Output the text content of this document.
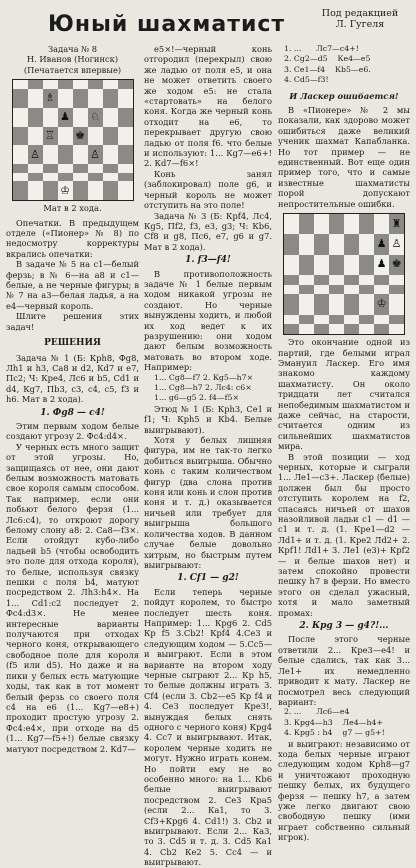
Юный шахматист	Под редакцией
Л. Гугеля
Задача № 8
Н. Иванов (Ногинск)
(Печатается впервые)
♗
♟ ♘
♖ ♚
♙	♙
♔
Мат в 2 хода.

Опечатки. В предыдущем отделе («Пионер» № 8) по недосмотру корректуры вкрались опечатки:

В задаче № 5 на c1—белый ферзь; в № 6—на a8 и c1—белые, а не черные фигуры; в № 7 на a3—белая ладья, а на e4—черный король.

Шлите решения этих задач!

РЕШЕНИЯ

Задача № 1 (Б: Крh8, Фg8, Лh1 и h3, Сa8 и d2, Кd7 и e7, Пc2; Ч: Крe4, Лc6 и b5, Сd1 и d4, Кg7, Пb3, c3, c4, c5, f3 и h6. Мат в 2 хода).

1. Фg8 — c4!

Этим первым ходом белые создают угрозу 2. Фс4:d4×.

У черных есть много защит от этой угрозы. Но, защищаясь от нее, они дают белым возможность матовать свое короля самым способом. Так например, если они побьют белого ферзя (1... Лс6:с4), то откроют дорогу белому слону а8: 2. Са8—f3×. Если отойдут кубо-либо ладьей b5 (чтобы освободить это поле для отхода короля), то белые, используя связку пешки с поля b4, матуют посредством 2. Лh3:h4×. На 1... Сd1:с2 последует 2. Фc4:d3×. Не менее интересные варианты получаются при отходах черного коня, открывающего свободное поле для короля (f5 или d5). Но даже и на пики у белых есть матующие ходы, так как в тот момент белый ферзь со своего поля с4 на е6 (1... Кg7—е8+) проходит простую угрозу 2. Фс4:е4×, при отходе на d5 (1... Кg7—f5+!) белые связку матуют посредством 2. Кd7—

е5×!—черный конь отгородил (перекрыл) свою же ладью от поля е5, и она не может ответить своего же ходом е5: не стала «стартовать» на белого коня. Когда же черный конь отходит на е6, то перекрывает другую свою ладью от поля f6. что белые и используют: 1... Кg7—е6+! 2. Кd7—f6×!

Конь занял (заблокировал) поле g6, и черный король не может отступить на это поле!

Задача № 3 (Б: Крf4, Лc4, Кg5, Пf2, f3, e3, g3; Ч: Кb6, Сf8 и g8, Пc6, e7, g6 и g7. Мат в 2 хода).

1. f3—f4!

В противоположность задаче № 1 белые первым ходом никакой угрозы не создают. Но черные вынуждены ходить, и любой их ход ведет к их разрушению: они ходом дают белым возможность матовать во втором ходе. Например:

1... Сg8—f7 2. Кg5—h7×
1... Сg8—h7 2. Лc4: c6×
1... g6—g5 2. f4—f5×

Этюд № 1 (Б: Крh3, Сe1 и f1; Ч: Крh5 и Кb4. Белые выигрывают).

Хотя у белых лишняя фигура, им не так-то легко добиться выигрыша. Обычно конь с таким количеством фигур (два слона против коня или конь и слон против коня и т. д.) оказывается ничьей или требует для выигрыша большого количества ходов. В данном случае белые довольно хитрым, но быстрым путем выигрывают:

1. Сf1 — g2!

Если теперь черные пойдут королем, то быстро последует шесть коня. Например: 1... Крg6 2. Сd5 Кр f5 3.Сb2! Крf4 4.Се3 и следующим ходом — 5.Cс5—и выиграют. Если в этом варианте на втором ходу черные сыграют 2... Кр h5, то белые должны играть 3. Сf4 (если 3. Сb2—е5 Кр f4 и 4. Се3 последует Кре3!, вынуждая белых снять одного с черного коня) Крg4 4. Сс7 и выигрывают. Итак, королем черные ходить не могут. Нужно играть конем. Но пойти ему не во особенно много: на 1... Кb6 белые выигрывают посредством 2. Се3 Кра5 (если 2... Ка1, то 3. Сf3+Крg6 4. Сd1!) 3. Сb2 и выигрывают. Если 2... Ка3, то 3. Сd5 и т. д. 3. Сd5 Ка1 4. Сb2 Кe2 5. Сc4 — и выигрывают.

1. ...      Лc7—с4+!
2. Сg2—d5    Ке4—e5
3. Се1—f4    Кb5—е6.
4. Сd5—f3!
И Ласкер ошибается!

В «Пионере» № 2 мы показали, как здорово может ошибиться даже великий ученик шахмат Капабланка. Но тот пример — не единственный. Вот еще один пример того, что и самые известные шахматисты порой допускают непростительные ошибки.

♜
♟ ♙
♟ ♚
♔

Это окончание одной из партий, где белыми играл Эмануил Ласкер. Его имя знакомо каждому шахматисту. Он около тридцати лет считался непобедимым шахматистом и даже сейчас, на старости, считается одним из сильнейших шахматистов мира.

В этой позиции — ход черных, которые и сыграли 1... Лe1—с3+. Ласкер (белые) должен был бы просто отступить королем на f2, спасаясь ничьей от шахов назойливой ладьи с1 — d1 — с1 и т. д. (1. Кре1—d2 — Лd1+ и т. д. (1. Кре2 Лd2+ 2. Крf1! Лd1+ 3. Лe1 (e3)+ Крf2 — и белые шахов нет) и затем спокойно провести пешку h7 в ферзи. Но вместо этого он сделал ужасный, хотя и мало заметный промах:

2. Крg 3 — g4?!...

После этого черные ответили 2... Кре3—е4! и белые сдались, так как 3... Лe1+ их немедленно приводит к мату. Ласкер не посмотрел весь следующий вариант:

2. ...      Лс6—e4
3. Крg4—h3    Лe4—h4+
4. Крg5 : h4    g7 — g5+!

и выиграют: независимо от хода белых черные играют следующим ходом Крh8—g7 и уничтожают проходную пешку белых, их будущего ферзя — пешку h7, а затем уже легко двигают свою свободную пешку (ими играет собственно сильный игрок).
